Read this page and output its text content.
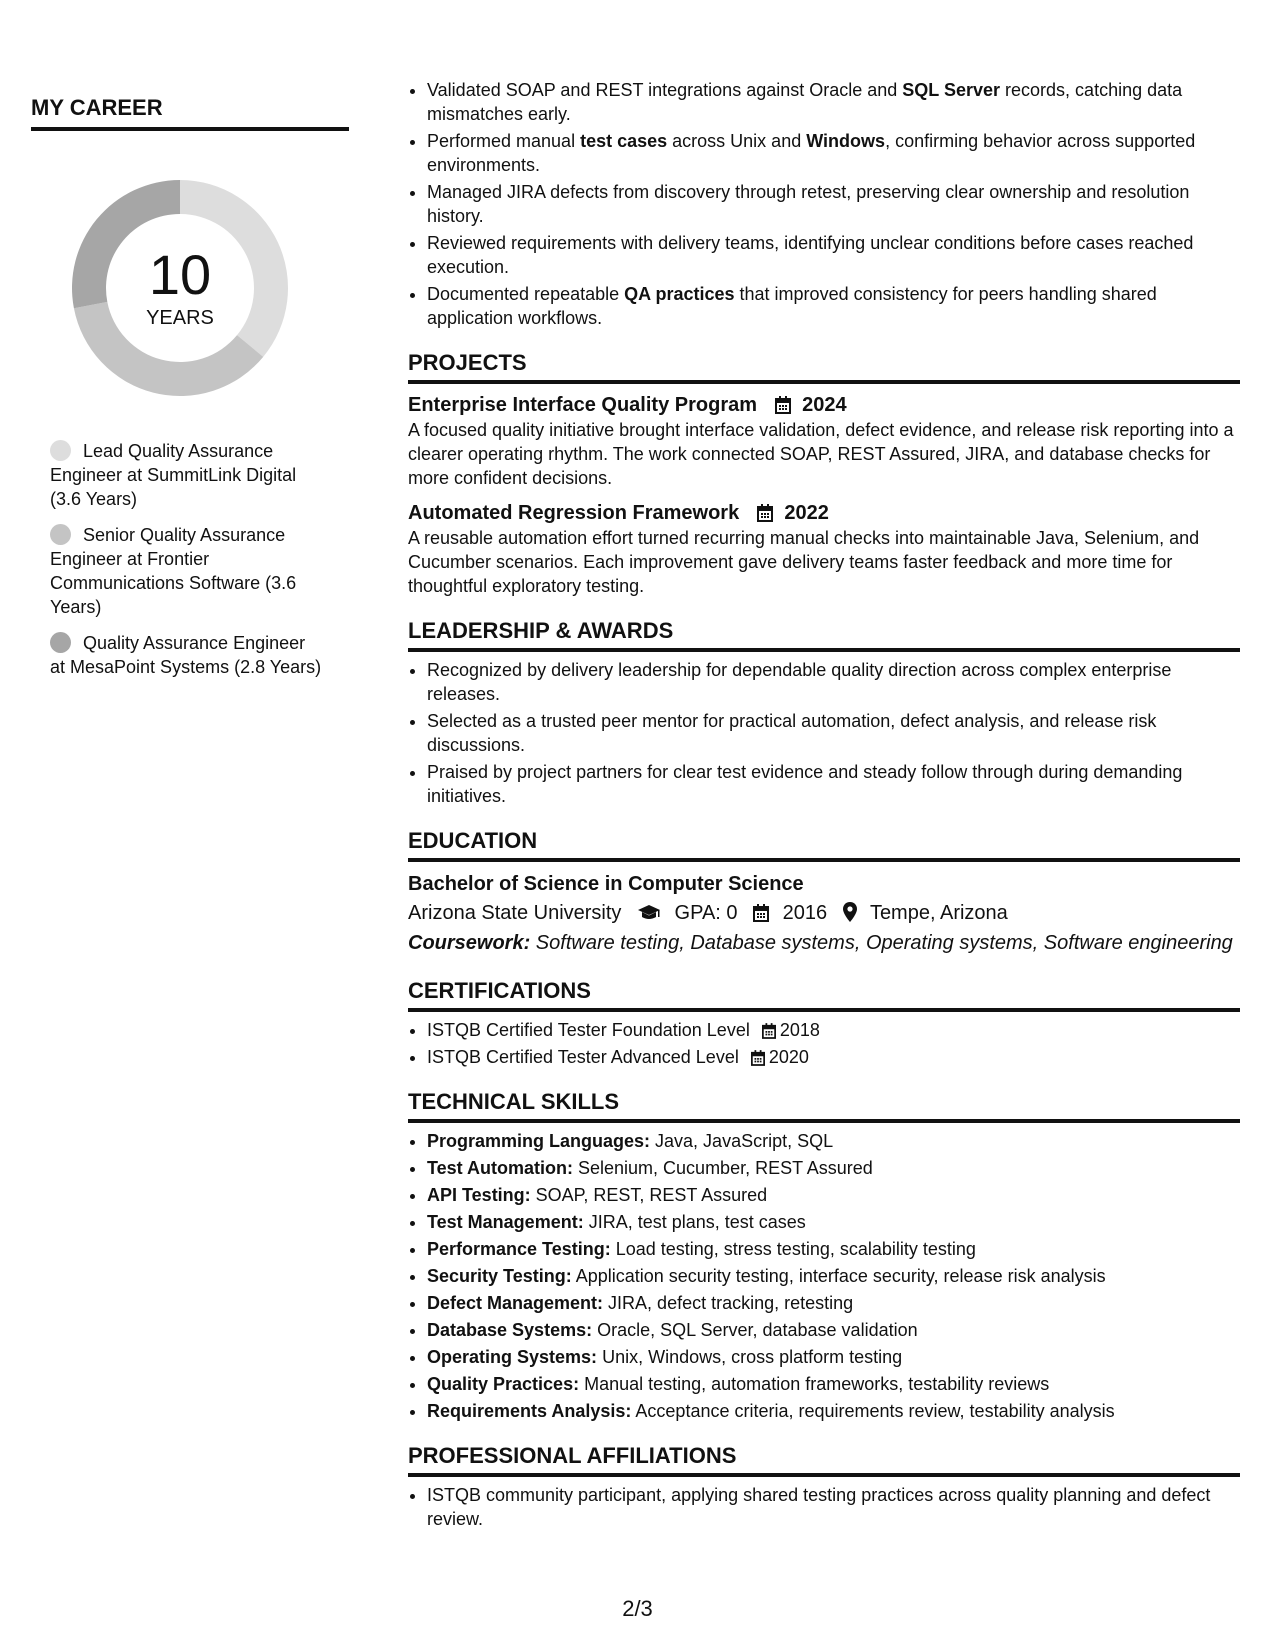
MY CAREER
10
YEARS
Lead Quality Assurance Engineer at SummitLink Digital (3.6 Years)
Senior Quality Assurance Engineer at Frontier Communications Software (3.6 Years)
Quality Assurance Engineer at MesaPoint Systems (2.8 Years)
• Validated SOAP and REST integrations against Oracle and SQL Server records, catching data mismatches early.
• Performed manual test cases across Unix and Windows, confirming behavior across supported environments.
• Managed JIRA defects from discovery through retest, preserving clear ownership and resolution history.
• Reviewed requirements with delivery teams, identifying unclear conditions before cases reached execution.
• Documented repeatable QA practices that improved consistency for peers handling shared application workflows.
PROJECTS
Enterprise Interface Quality Program 2024
A focused quality initiative brought interface validation, defect evidence, and release risk reporting into a clearer operating rhythm. The work connected SOAP, REST Assured, JIRA, and database checks for more confident decisions.
Automated Regression Framework 2022
A reusable automation effort turned recurring manual checks into maintainable Java, Selenium, and Cucumber scenarios. Each improvement gave delivery teams faster feedback and more time for thoughtful exploratory testing.
LEADERSHIP & AWARDS
• Recognized by delivery leadership for dependable quality direction across complex enterprise releases.
• Selected as a trusted peer mentor for practical automation, defect analysis, and release risk discussions.
• Praised by project partners for clear test evidence and steady follow through during demanding initiatives.
EDUCATION
Bachelor of Science in Computer Science
Arizona State University	GPA: 0 2016 Tempe, Arizona
Coursework: Software testing, Database systems, Operating systems, Software engineering
CERTIFICATIONS
• ISTQB Certified Tester Foundation Level 2018
• ISTQB Certified Tester Advanced Level 2020
TECHNICAL SKILLS
• Programming Languages: Java, JavaScript, SQL
• Test Automation: Selenium, Cucumber, REST Assured
• API Testing: SOAP, REST, REST Assured
• Test Management: JIRA, test plans, test cases
• Performance Testing: Load testing, stress testing, scalability testing
• Security Testing: Application security testing, interface security, release risk analysis
• Defect Management: JIRA, defect tracking, retesting
• Database Systems: Oracle, SQL Server, database validation
• Operating Systems: Unix, Windows, cross platform testing
• Quality Practices: Manual testing, automation frameworks, testability reviews
• Requirements Analysis: Acceptance criteria, requirements review, testability analysis
PROFESSIONAL AFFILIATIONS
• ISTQB community participant, applying shared testing practices across quality planning and defect review.
2/3
